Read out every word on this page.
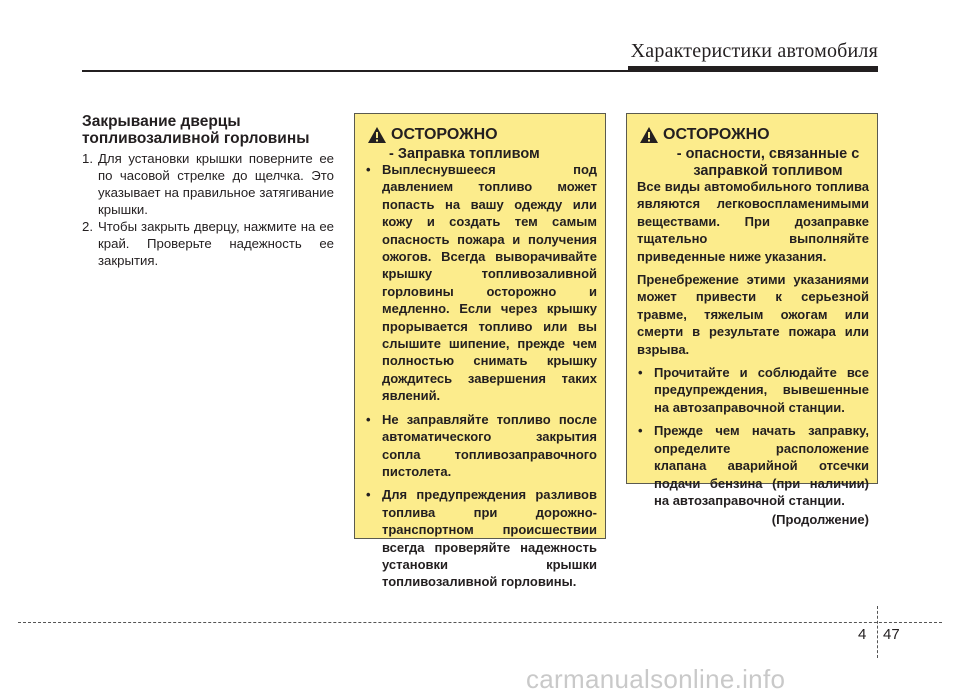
Характеристики автомобиля
Закрывание дверцы
топливозаливной горловины
1. Для установки крышки поверните ее по часовой стрелке до щелчка. Это указывает на правильное затягивание крышки.
2. Чтобы закрыть дверцу, нажмите на ее край. Проверьте надежность ее закрытия.
ОСТОРОЖНО
- Заправка топливом
• Выплеснувшееся под давлением топливо может попасть на вашу одежду или кожу и создать тем самым опасность пожара и получения ожогов. Всегда выворачивайте крышку топливозаливной горловины осторожно и медленно. Если через крышку прорывается топливо или вы слышите шипение, прежде чем полностью снимать крышку дождитесь завершения таких явлений.
• Не заправляйте топливо после автоматического закрытия сопла топливозаправочного пистолета.
• Для предупреждения разливов топлива при дорожно-транспортном происшествии всегда проверяйте надежность установки крышки топливозаливной горловины.
ОСТОРОЖНО
- опасности, связанные с
заправкой топливом

Все виды автомобильного топлива являются легковоспламенимыми веществами. При дозаправке тщательно выполняйте приведенные ниже указания.

Пренебрежение этими указаниями может привести к серьезной травме, тяжелым ожогам или смерти в результате пожара или взрыва.

• Прочитайте и соблюдайте все предупреждения, вывешенные на автозаправочной станции.
• Прежде чем начать заправку, определите расположение клапана аварийной отсечки подачи бензина (при наличии) на автозаправочной станции.
(Продолжение)
4 47
carmanualsonline.info
